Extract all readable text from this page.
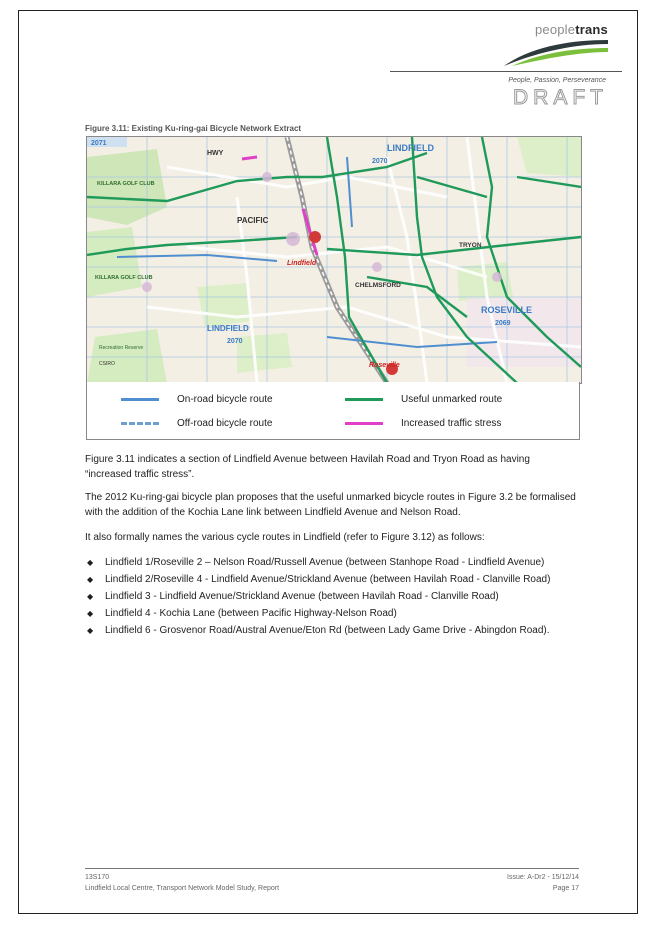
peopletrans
People, Passion, Perseverance
DRAFT
Figure 3.11: Existing Ku-ring-gai Bicycle Network Extract
LINDFIELD
2070
2071
KILLARA GOLF CLUB
KILLARA GOLF CLUB
PACIFIC
HWY
Lindfield
LINDFIELD
2070
ROSEVILLE
2069
Roseville
TRYON
CHELMSFORD
Recreation Reserve
CSIRO
On-road bicycle route	Useful unmarked route
Off-road bicycle route	Increased traffic stress
Figure 3.11 indicates a section of Lindfield Avenue between Havilah Road and Tryon Road as having “increased traffic stress”.
The 2012 Ku-ring-gai bicycle plan proposes that the useful unmarked bicycle routes in Figure 3.2 be formalised with the addition of the Kochia Lane link between Lindfield Avenue and Nelson Road.
It also formally names the various cycle routes in Lindfield (refer to Figure 3.12) as follows:
◆ Lindfield 1/Roseville 2 – Nelson Road/Russell Avenue (between Stanhope Road - Lindfield Avenue)
◆ Lindfield 2/Roseville 4 - Lindfield Avenue/Strickland Avenue (between Havilah Road - Clanville Road)
◆ Lindfield 3 - Lindfield Avenue/Strickland Avenue (between Havilah Road - Clanville Road)
◆ Lindfield 4 - Kochia Lane (between Pacific Highway-Nelson Road)
◆ Lindfield 6 - Grosvenor Road/Austral Avenue/Eton Rd (between Lady Game Drive - Abingdon Road).
13S170
Lindfield Local Centre, Transport Network Model Study, Report
Issue: A-Dr2 - 15/12/14
Page 17
